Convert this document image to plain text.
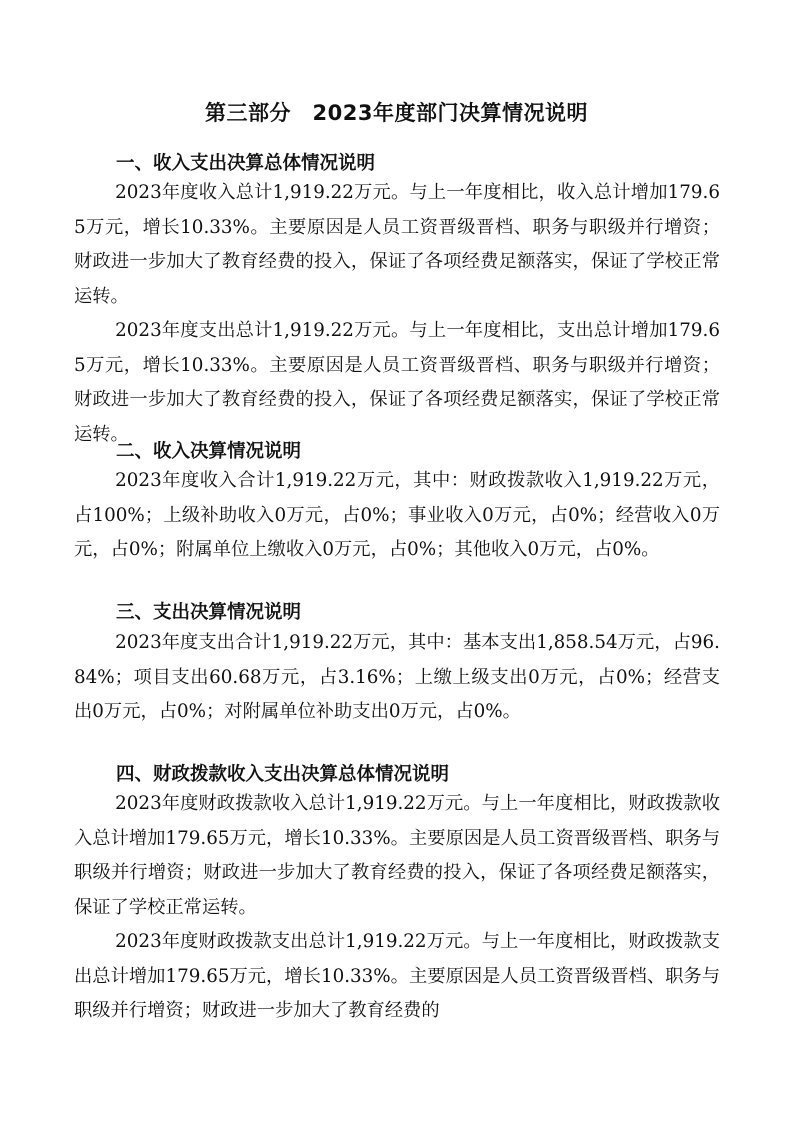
第三部分　2023年度部门决算情况说明
一、收入支出决算总体情况说明

2023年度收入总计1,919.22万元。与上一年度相比，收入总计增加179.65万元，增长10.33%。主要原因是人员工资晋级晋档、职务与职级并行增资；财政进一步加大了教育经费的投入，保证了各项经费足额落实，保证了学校正常运转。

2023年度支出总计1,919.22万元。与上一年度相比，支出总计增加179.65万元，增长10.33%。主要原因是人员工资晋级晋档、职务与职级并行增资；财政进一步加大了教育经费的投入，保证了各项经费足额落实，保证了学校正常运转。

二、收入决算情况说明

2023年度收入合计1,919.22万元，其中：财政拨款收入1,919.22万元，占100%；上级补助收入0万元，占0%；事业收入0万元，占0%；经营收入0万元，占0%；附属单位上缴收入0万元，占0%；其他收入0万元，占0%。

三、支出决算情况说明

2023年度支出合计1,919.22万元，其中：基本支出1,858.54万元，占96.84%；项目支出60.68万元，占3.16%；上缴上级支出0万元，占0%；经营支出0万元，占0%；对附属单位补助支出0万元，占0%。

四、财政拨款收入支出决算总体情况说明

2023年度财政拨款收入总计1,919.22万元。与上一年度相比，财政拨款收入总计增加179.65万元，增长10.33%。主要原因是人员工资晋级晋档、职务与职级并行增资；财政进一步加大了教育经费的投入，保证了各项经费足额落实，保证了学校正常运转。

2023年度财政拨款支出总计1,919.22万元。与上一年度相比，财政拨款支出总计增加179.65万元，增长10.33%。主要原因是人员工资晋级晋档、职务与职级并行增资；财政进一步加大了教育经费的
